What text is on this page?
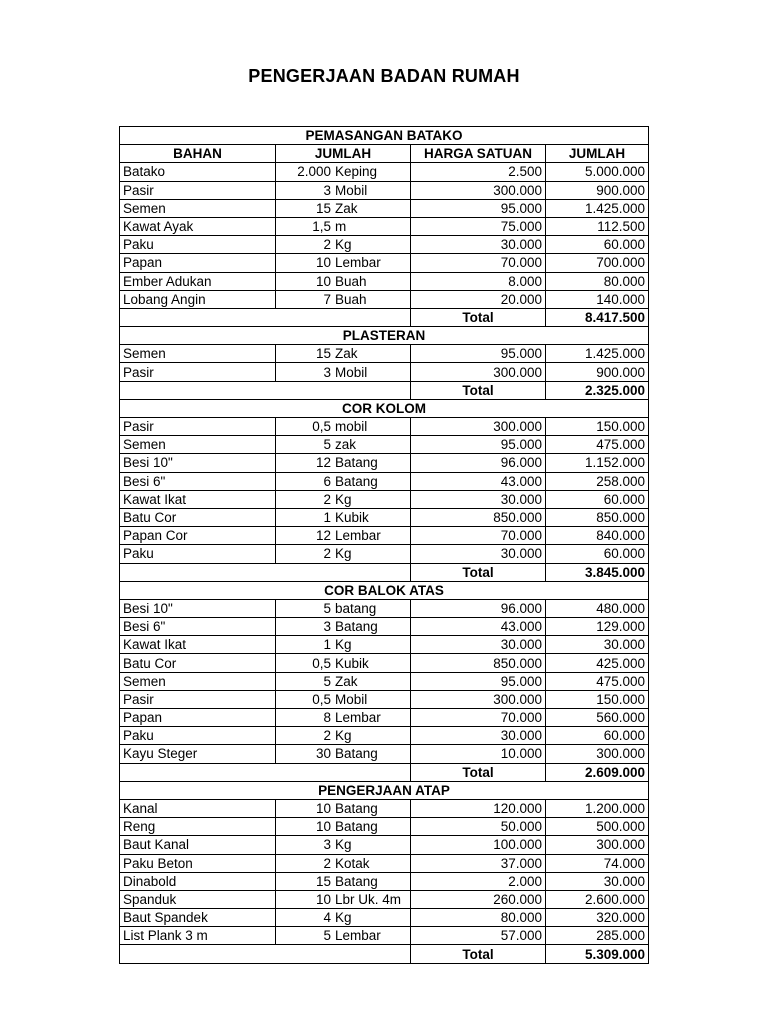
PENGERJAAN BADAN RUMAH
PEMASANGAN BATAKO			
BAHAN	JUMLAH	HARGA SATUAN	JUMLAH
Batako	2.000 Keping	2.500	5.000.000
Pasir	3 Mobil	300.000	900.000
Semen	15 Zak	95.000	1.425.000
Kawat Ayak	1,5 m	75.000	112.500
Paku	2 Kg	30.000	60.000
Papan	10 Lembar	70.000	700.000
Ember Adukan	10 Buah	8.000	80.000
Lobang Angin	7 Buah	20.000	140.000
		Total	8.417.500
PLASTERAN			
Semen	15 Zak	95.000	1.425.000
Pasir	3 Mobil	300.000	900.000
		Total	2.325.000
COR KOLOM			
Pasir	0,5 mobil	300.000	150.000
Semen	5 zak	95.000	475.000
Besi 10"	12 Batang	96.000	1.152.000
Besi 6"	6 Batang	43.000	258.000
Kawat Ikat	2 Kg	30.000	60.000
Batu Cor	1 Kubik	850.000	850.000
Papan Cor	12 Lembar	70.000	840.000
Paku	2 Kg	30.000	60.000
		Total	3.845.000
COR BALOK ATAS			
Besi 10"	5 batang	96.000	480.000
Besi 6"	3 Batang	43.000	129.000
Kawat Ikat	1 Kg	30.000	30.000
Batu Cor	0,5 Kubik	850.000	425.000
Semen	5 Zak	95.000	475.000
Pasir	0,5 Mobil	300.000	150.000
Papan	8 Lembar	70.000	560.000
Paku	2 Kg	30.000	60.000
Kayu Steger	30 Batang	10.000	300.000
		Total	2.609.000
PENGERJAAN ATAP			
Kanal	10 Batang	120.000	1.200.000
Reng	10 Batang	50.000	500.000
Baut Kanal	3 Kg	100.000	300.000
Paku Beton	2 Kotak	37.000	74.000
Dinabold	15 Batang	2.000	30.000
Spanduk	10 Lbr Uk. 4m	260.000	2.600.000
Baut Spandek	4 Kg	80.000	320.000
List Plank 3 m	5 Lembar	57.000	285.000
		Total	5.309.000
